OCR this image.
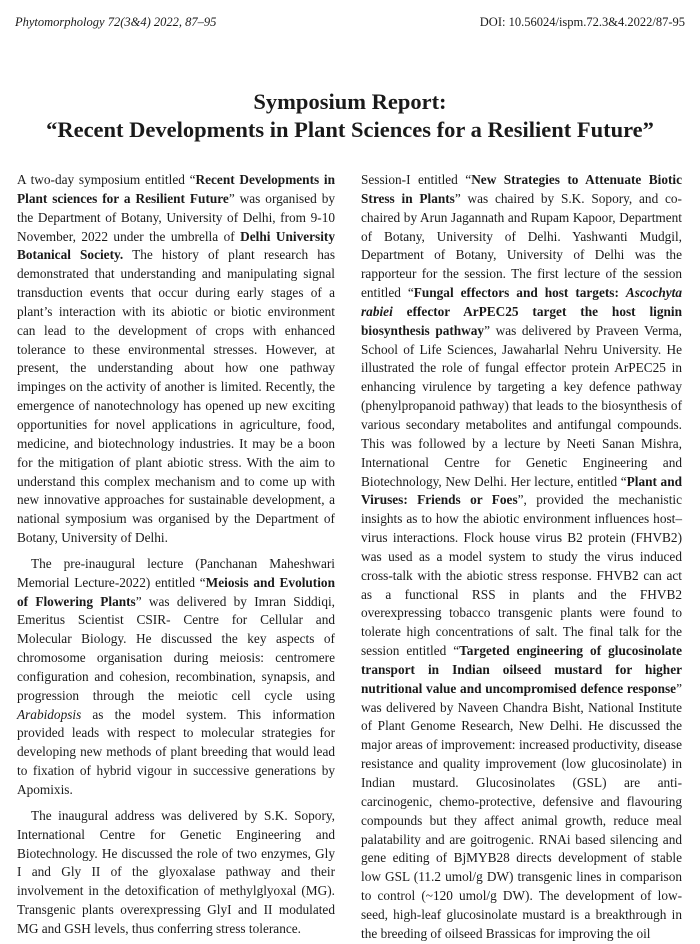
Phytomorphology 72(3&4) 2022, 87–95	DOI: 10.56024/ispm.72.3&4.2022/87-95
Symposium Report:
“Recent Developments in Plant Sciences for a Resilient Future”

A two-day symposium entitled “Recent Developments in Plant sciences for a Resilient Future” was organised by the Department of Botany, University of Delhi, from 9-10 November, 2022 under the umbrella of Delhi University Botanical Society. The history of plant research has demonstrated that understanding and manipulating signal transduction events that occur during early stages of a plant’s interaction with its abiotic or biotic environment can lead to the development of crops with enhanced tolerance to these environmental stresses. However, at present, the understanding about how one pathway impinges on the activity of another is limited. Recently, the emergence of nanotechnology has opened up new exciting opportunities for novel applications in agriculture, food, medicine, and biotechnology industries. It may be a boon for the mitigation of plant abiotic stress. With the aim to understand this complex mechanism and to come up with new innovative approaches for sustainable development, a national symposium was organised by the Department of Botany, University of Delhi.

The pre-inaugural lecture (Panchanan Maheshwari Memorial Lecture-2022) entitled “Meiosis and Evolution of Flowering Plants” was delivered by Imran Siddiqi, Emeritus Scientist CSIR- Centre for Cellular and Molecular Biology. He discussed the key aspects of chromosome organisation during meiosis: centromere configuration and cohesion, recombination, synapsis, and progression through the meiotic cell cycle using Arabidopsis as the model system. This information provided leads with respect to molecular strategies for developing new methods of plant breeding that would lead to fixation of hybrid vigour in successive generations by Apomixis.

The inaugural address was delivered by S.K. Sopory, International Centre for Genetic Engineering and Biotechnology. He discussed the role of two enzymes, Gly I and Gly II of the glyoxalase pathway and their involvement in the detoxification of methylglyoxal (MG). Transgenic plants overexpressing GlyI and II modulated MG and GSH levels, thus conferring stress tolerance.

Session-I entitled “New Strategies to Attenuate Biotic Stress in Plants” was chaired by S.K. Sopory, and co-chaired by Arun Jagannath and Rupam Kapoor, Department of Botany, University of Delhi. Yashwanti Mudgil, Department of Botany, University of Delhi was the rapporteur for the session. The first lecture of the session entitled “Fungal effectors and host targets: Ascochyta rabiei effector ArPEC25 target the host lignin biosynthesis pathway” was delivered by Praveen Verma, School of Life Sciences, Jawaharlal Nehru University. He illustrated the role of fungal effector protein ArPEC25 in enhancing virulence by targeting a key defence pathway (phenylpropanoid pathway) that leads to the biosynthesis of various secondary metabolites and antifungal compounds. This was followed by a lecture by Neeti Sanan Mishra, International Centre for Genetic Engineering and Biotechnology, New Delhi. Her lecture, entitled “Plant and Viruses: Friends or Foes”, provided the mechanistic insights as to how the abiotic environment influences host–virus interactions. Flock house virus B2 protein (FHVB2) was used as a model system to study the virus induced cross-talk with the abiotic stress response. FHVB2 can act as a functional RSS in plants and the FHVB2 overexpressing tobacco transgenic plants were found to tolerate high concentrations of salt. The final talk for the session entitled “Targeted engineering of glucosinolate transport in Indian oilseed mustard for higher nutritional value and uncompromised defence response” was delivered by Naveen Chandra Bisht, National Institute of Plant Genome Research, New Delhi. He discussed the major areas of improvement: increased productivity, disease resistance and quality improvement (low glucosinolate) in Indian mustard. Glucosinolates (GSL) are anti-carcinogenic, chemo-protective, defensive and flavouring compounds but they affect animal growth, reduce meal palatability and are goitrogenic. RNAi based silencing and gene editing of BjMYB28 directs development of stable low GSL (11.2 umol/g DW) transgenic lines in comparison to control (~120 umol/g DW). The development of low-seed, high-leaf glucosinolate mustard is a breakthrough in the breeding of oilseed Brassicas for improving the oil
